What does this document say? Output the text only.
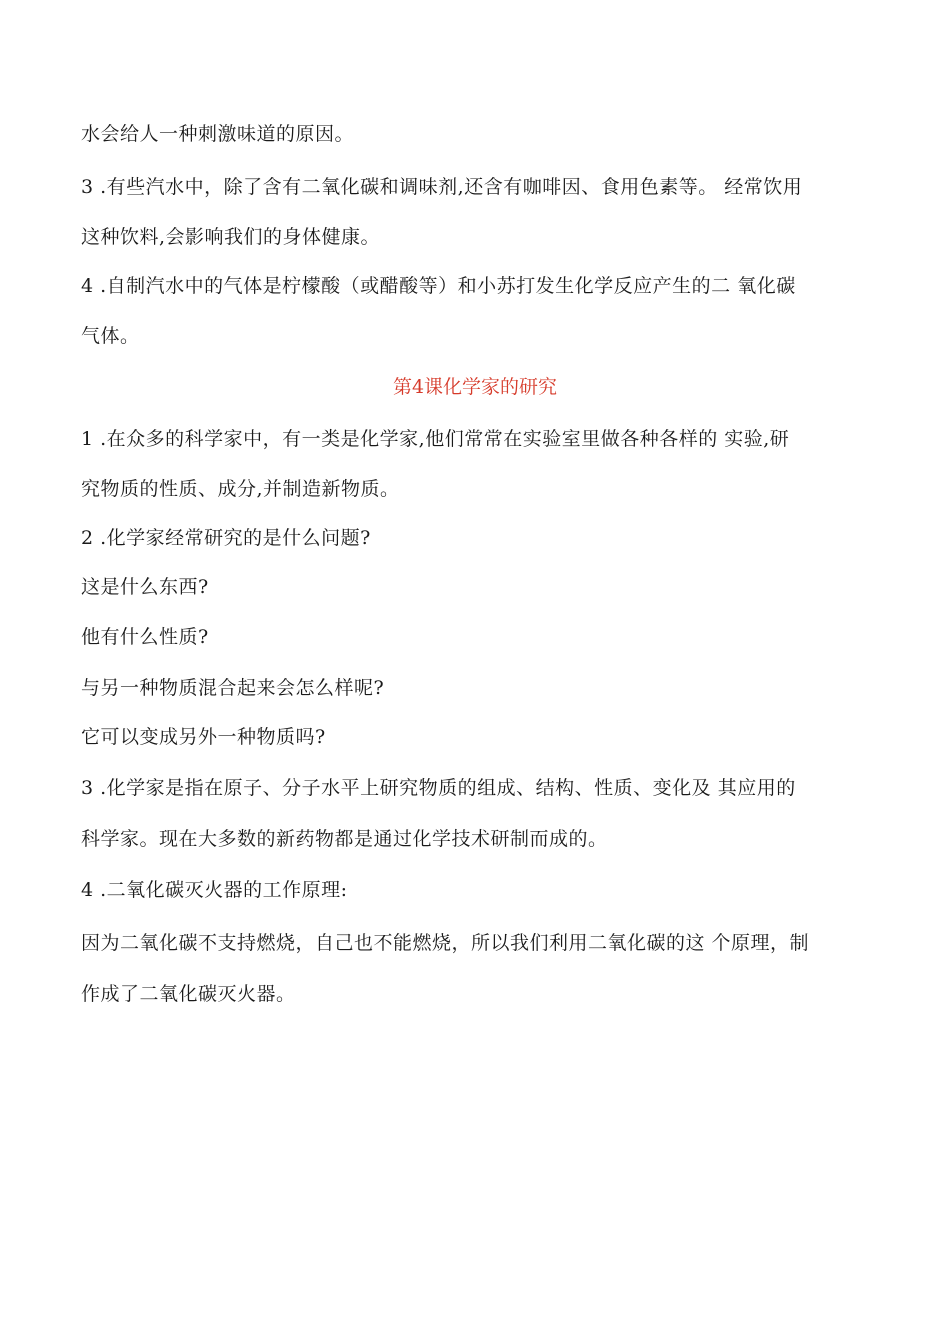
水会给人一种刺激味道的原因。
3 .有些汽水中，除了含有二氧化碳和调味剂,还含有咖啡因、食用色素等。 经常饮用
这种饮料,会影响我们的身体健康。
4 .自制汽水中的气体是柠檬酸（或醋酸等）和小苏打发生化学反应产生的二 氧化碳
气体。
第4课化学家的研究
1 .在众多的科学家中，有一类是化学家,他们常常在实验室里做各种各样的 实验,研
究物质的性质、成分,并制造新物质。
2 .化学家经常研究的是什么问题?
这是什么东西?
他有什么性质?
与另一种物质混合起来会怎么样呢?
它可以变成另外一种物质吗?
3 .化学家是指在原子、分子水平上研究物质的组成、结构、性质、变化及 其应用的
科学家。现在大多数的新药物都是通过化学技术研制而成的。
4 .二氧化碳灭火器的工作原理:
因为二氧化碳不支持燃烧，自己也不能燃烧，所以我们利用二氧化碳的这 个原理，制
作成了二氧化碳灭火器。
